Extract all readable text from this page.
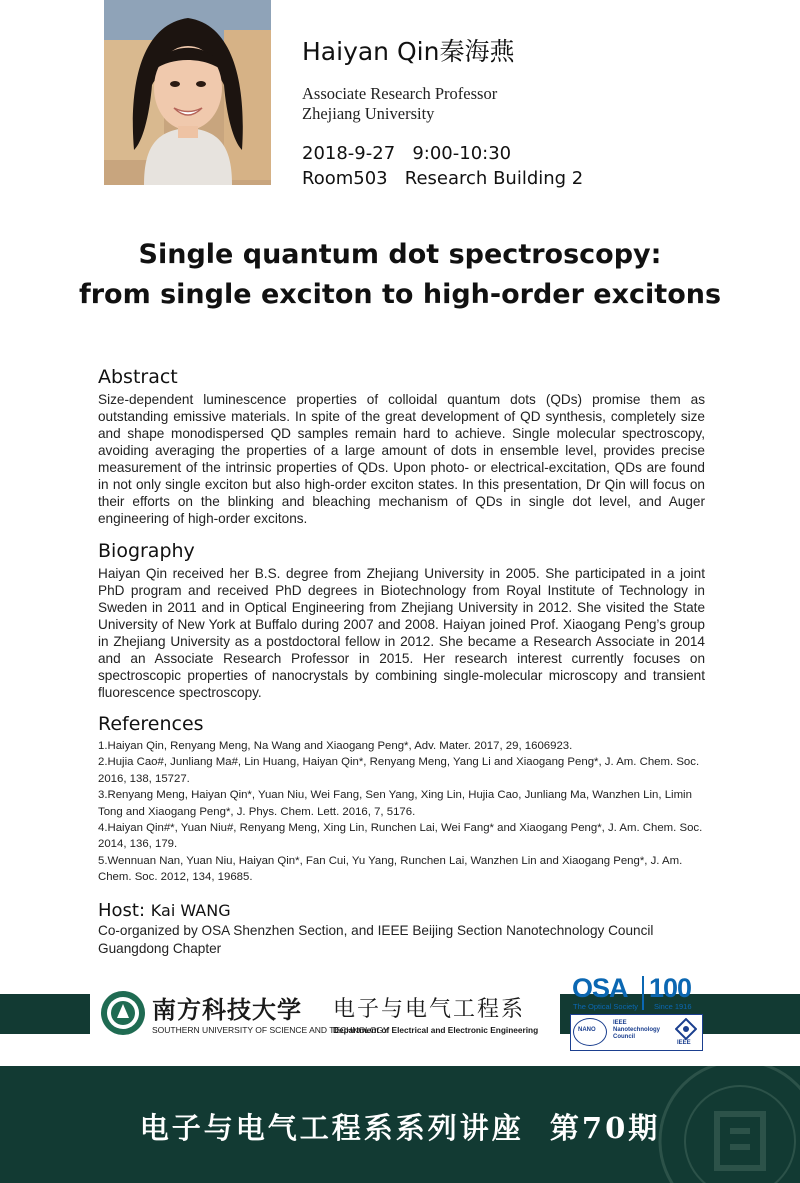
Haiyan Qin秦海燕
Associate Research Professor
Zhejiang University
2018-9-27   9:00-10:30
Room503   Research Building 2
Single quantum dot spectroscopy:
from single exciton to high-order excitons
Abstract
Size-dependent luminescence properties of colloidal quantum dots (QDs) promise them as outstanding emissive materials. In spite of the great development of QD synthesis, completely size and shape monodispersed QD samples remain hard to achieve. Single molecular spectroscopy, avoiding averaging the properties of a large amount of dots in ensemble level, provides precise measurement of the intrinsic properties of QDs. Upon photo- or electrical-excitation, QDs are found in not only single exciton but also high-order exciton states. In this presentation, Dr Qin will focus on their efforts on the blinking and bleaching mechanism of QDs in single dot level, and Auger engineering of high-order excitons.
Biography
Haiyan Qin received her B.S. degree from Zhejiang University in 2005. She participated in a joint PhD program and received PhD degrees in Biotechnology from Royal Institute of Technology in Sweden in 2011 and in Optical Engineering from Zhejiang University in 2012. She visited the State University of New York at Buffalo during 2007 and 2008. Haiyan joined Prof. Xiaogang Peng’s group in Zhejiang University as a postdoctoral fellow in 2012. She became a Research Associate in 2014 and an Associate Research Professor in 2015. Her research interest currently focuses on spectroscopic properties of nanocrystals by combining single-molecular microscopy and transient fluorescence spectroscopy.
References
1.Haiyan Qin, Renyang Meng, Na Wang and Xiaogang Peng*, Adv. Mater. 2017, 29, 1606923.
2.Hujia Cao#, Junliang Ma#, Lin Huang, Haiyan Qin*, Renyang Meng, Yang Li and Xiaogang Peng*, J. Am. Chem. Soc. 2016, 138, 15727.
3.Renyang Meng, Haiyan Qin*, Yuan Niu, Wei Fang, Sen Yang, Xing Lin, Hujia Cao, Junliang Ma, Wanzhen Lin, Limin Tong and Xiaogang Peng*, J. Phys. Chem. Lett. 2016, 7, 5176.
4.Haiyan Qin#*, Yuan Niu#, Renyang Meng, Xing Lin, Runchen Lai, Wei Fang* and Xiaogang Peng*, J. Am. Chem. Soc. 2014, 136, 179.
5.Wennuan Nan, Yuan Niu, Haiyan Qin*, Fan Cui, Yu Yang, Runchen Lai, Wanzhen Lin and Xiaogang Peng*, J. Am. Chem. Soc. 2012, 134, 19685.
Host: Kai WANG
Co-organized by OSA Shenzhen Section, and IEEE Beijing Section Nanotechnology Council Guangdong Chapter
南方科技大学
SOUTHERN UNIVERSITY OF SCIENCE AND TECHNOLOGY
电子与电气工程系
Department of Electrical and Electronic Engineering
OSA
The Optical Society
100
Since 1916
NANO
IEEE
Nanotechnology
Council
IEEE
电子与电气工程系系列讲座  第70期
